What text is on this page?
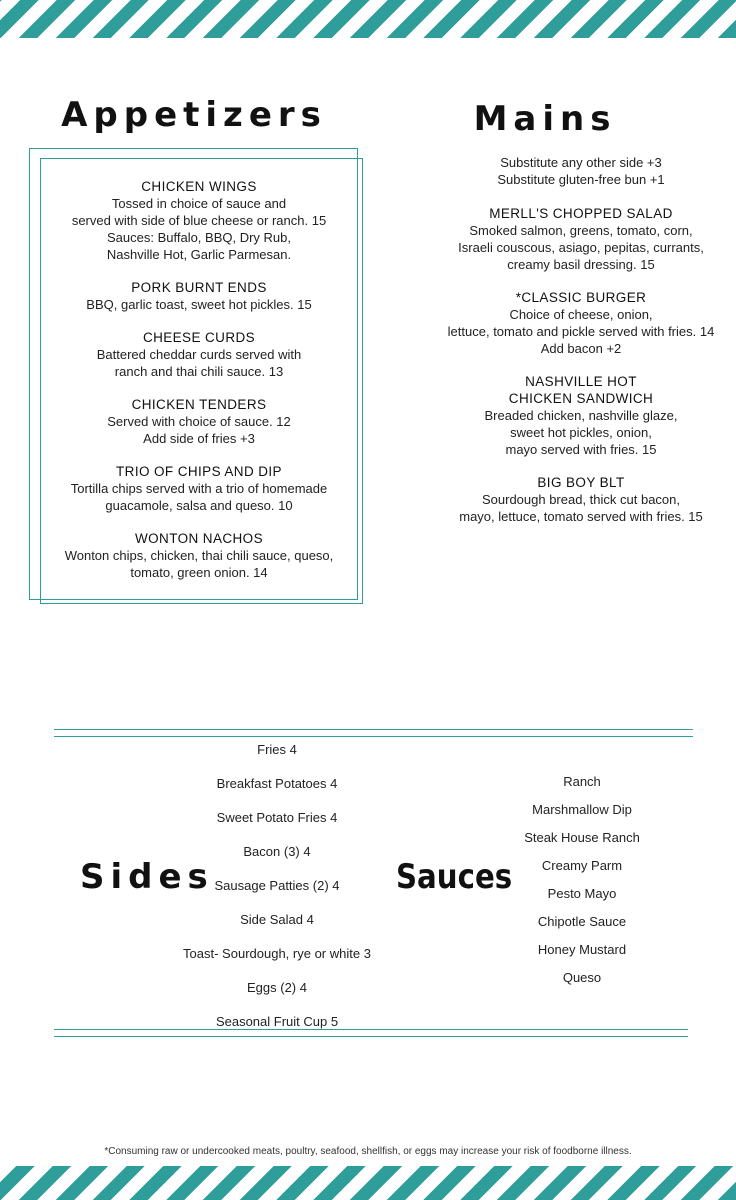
Appetizers	Mains
CHICKEN WINGS
Tossed in choice of sauce and
served with side of blue cheese or ranch. 15
Sauces: Buffalo, BBQ, Dry Rub,
Nashville Hot, Garlic Parmesan.
PORK BURNT ENDS
BBQ, garlic toast, sweet hot pickles. 15
CHEESE CURDS
Battered cheddar curds served with
ranch and thai chili sauce. 13
CHICKEN TENDERS
Served with choice of sauce. 12
Add side of fries +3
TRIO OF CHIPS AND DIP
Tortilla chips served with a trio of homemade
guacamole, salsa and queso. 10
WONTON NACHOS
Wonton chips, chicken, thai chili sauce, queso,
tomato, green onion. 14
Substitute any other side +3
Substitute gluten-free bun +1
MERLL'S CHOPPED SALAD
Smoked salmon, greens, tomato, corn,
Israeli couscous, asiago, pepitas, currants,
creamy basil dressing. 15
*CLASSIC BURGER
Choice of cheese, onion,
lettuce, tomato and pickle served with fries. 14
Add bacon +2
NASHVILLE HOT
CHICKEN SANDWICH
Breaded chicken, nashville glaze,
sweet hot pickles, onion,
mayo served with fries. 15
BIG BOY BLT
Sourdough bread, thick cut bacon,
mayo, lettuce, tomato served with fries. 15
Sides	Sauces
Fries 4
Breakfast Potatoes 4
Sweet Potato Fries 4
Bacon (3) 4
Sausage Patties (2) 4
Side Salad 4
Toast- Sourdough, rye or white 3
Eggs (2) 4
Seasonal Fruit Cup 5
Ranch
Marshmallow Dip
Steak House Ranch
Creamy Parm
Pesto Mayo
Chipotle Sauce
Honey Mustard
Queso
*Consuming raw or undercooked meats, poultry, seafood, shellfish, or eggs may increase your risk of foodborne illness.
